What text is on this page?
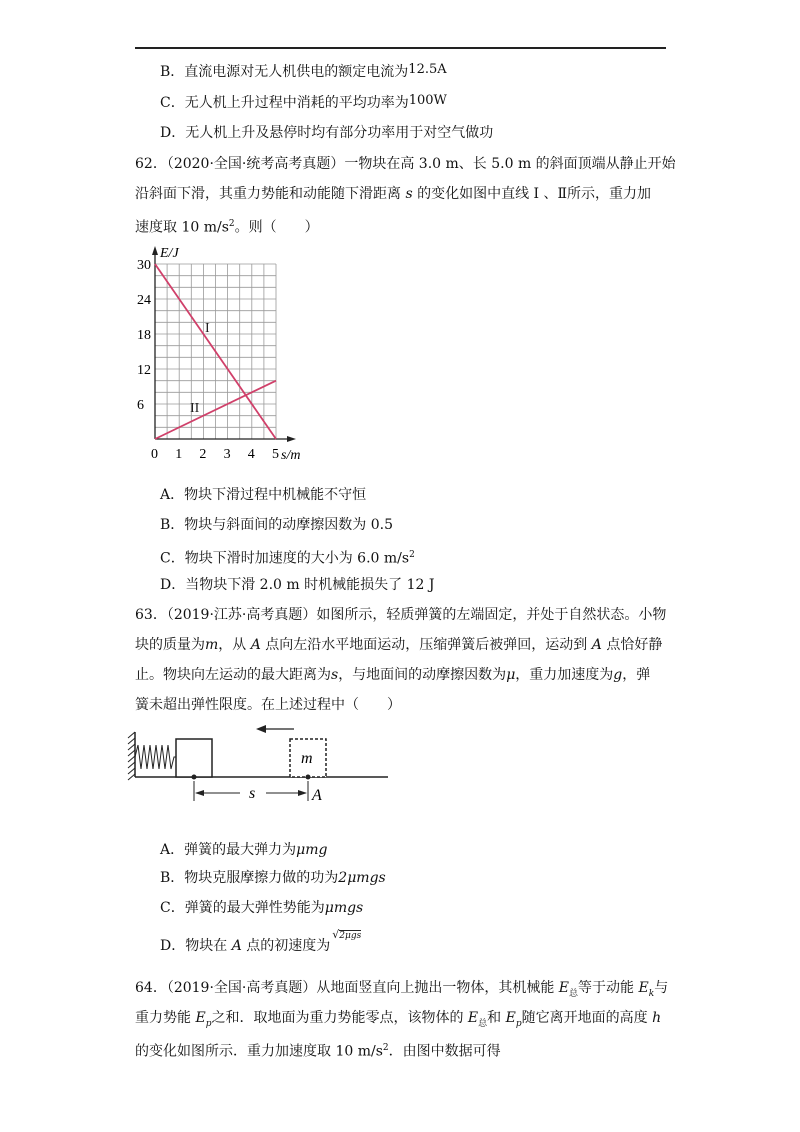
B．直流电源对无人机供电的额定电流为12.5A
C．无人机上升过程中消耗的平均功率为100W
D．无人机上升及悬停时均有部分功率用于对空气做功
62．（2020·全国·统考高考真题）一物块在高 3.0 m、长 5.0 m 的斜面顶端从静止开始
沿斜面下滑，其重力势能和动能随下滑距离 s 的变化如图中直线 Ⅰ 、Ⅱ所示，重力加
速度取 10 $m/s^2$。则（　　）
0 1 2 3 4 5
6
12
18
24
30
E/J
s/m
I
II
A．物块下滑过程中机械能不守恒
B．物块与斜面间的动摩擦因数为 0.5
C．物块下滑时加速度的大小为 6.0 $m/s^2$
D．当物块下滑 2.0 m 时机械能损失了 12 J
63．（2019·江苏·高考真题）如图所示，轻质弹簧的左端固定，并处于自然状态。小物
块的质量为m，从 A 点向左沿水平地面运动，压缩弹簧后被弹回，运动到 A 点恰好静
止。物块向左运动的最大距离为s，与地面间的动摩擦因数为μ，重力加速度为g，弹
簧未超出弹性限度。在上述过程中（　　）
m
s	A
A．弹簧的最大弹力为μmg
B．物块克服摩擦力做的功为2μmgs
C．弹簧的最大弹性势能为μmgs
D．物块在 A 点的初速度为$^{√2\mu gs}$
64．（2019·全国·高考真题）从地面竖直向上抛出一物体，其机械能 $E_总$等于动能 $E_k$与
重力势能 $E_p$之和．取地面为重力势能零点，该物体的 $E_总$和 $E_p$随它离开地面的高度 h
的变化如图所示．重力加速度取 10 $m/s^2$．由图中数据可得
